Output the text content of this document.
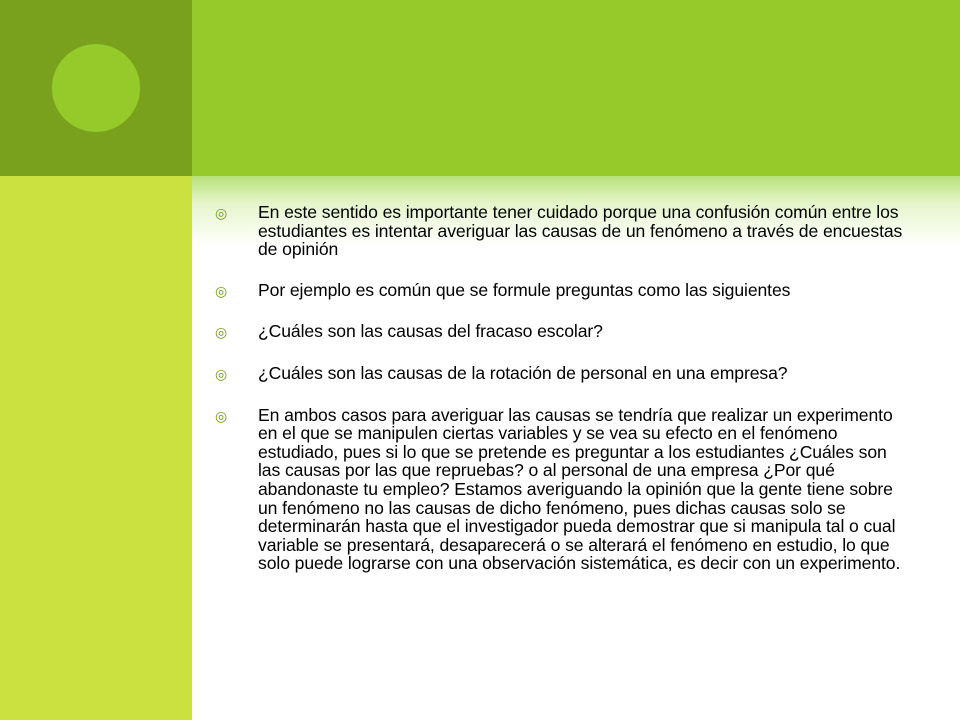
◎	En este sentido es importante tener cuidado porque una confusión común entre los estudiantes es intentar averiguar las causas de un fenómeno a través de encuestas de opinión
◎	Por ejemplo es común que se formule preguntas como las siguientes
◎	¿Cuáles son las causas del fracaso escolar?
◎	¿Cuáles son las causas de la rotación de personal en una empresa?
◎	En ambos casos para averiguar las causas se tendría que realizar un experimento en el que se manipulen ciertas variables y se vea su efecto en el fenómeno estudiado, pues si lo que se pretende es preguntar a los estudiantes ¿Cuáles son las causas por las que repruebas? o al personal de una empresa ¿Por qué abandonaste tu empleo? Estamos averiguando la opinión que la gente tiene sobre un fenómeno no las causas de dicho fenómeno, pues dichas causas solo se determinarán hasta que el investigador pueda demostrar que si manipula tal o cual variable se presentará, desaparecerá o se alterará el fenómeno en estudio, lo que solo puede lograrse con una observación sistemática, es decir con un experimento.
